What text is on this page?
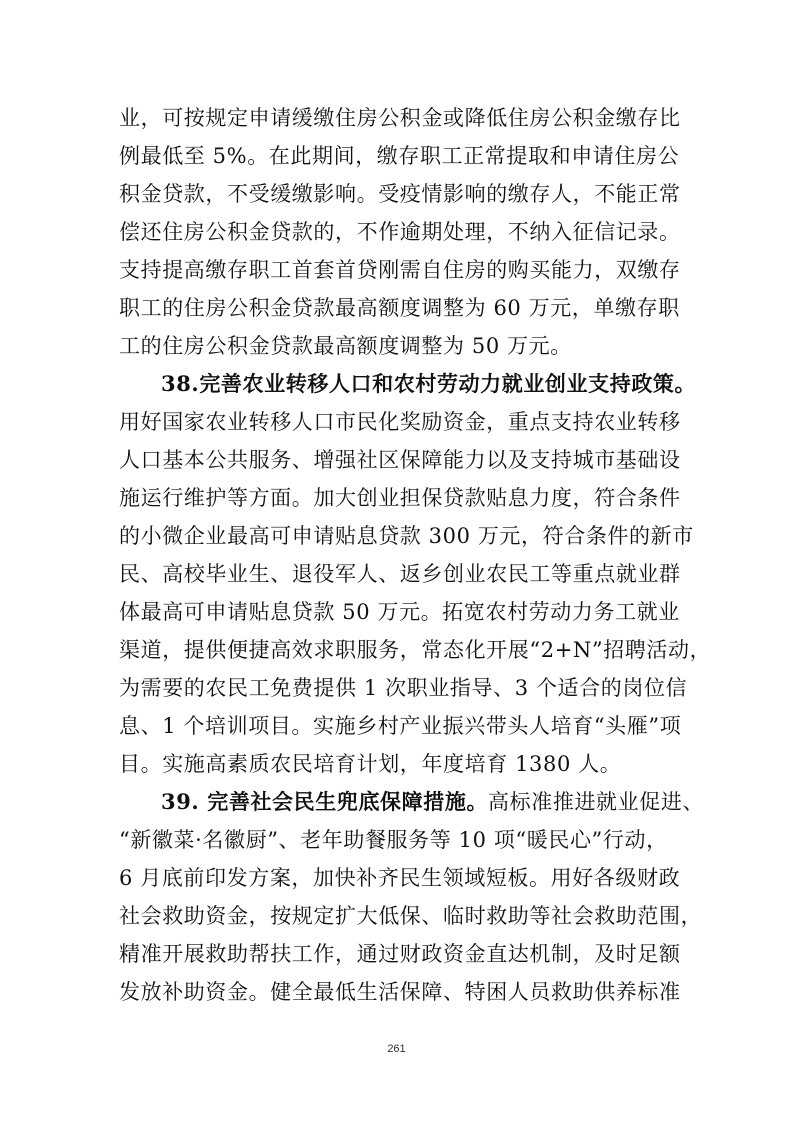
业，可按规定申请缓缴住房公积金或降低住房公积金缴存比
例最低至 5%。在此期间，缴存职工正常提取和申请住房公
积金贷款，不受缓缴影响。受疫情影响的缴存人，不能正常
偿还住房公积金贷款的，不作逾期处理，不纳入征信记录。
支持提高缴存职工首套首贷刚需自住房的购买能力，双缴存
职工的住房公积金贷款最高额度调整为 60 万元，单缴存职
工的住房公积金贷款最高额度调整为 50 万元。
38.完善农业转移人口和农村劳动力就业创业支持政策。
用好国家农业转移人口市民化奖励资金，重点支持农业转移
人口基本公共服务、增强社区保障能力以及支持城市基础设
施运行维护等方面。加大创业担保贷款贴息力度，符合条件
的小微企业最高可申请贴息贷款 300 万元，符合条件的新市
民、高校毕业生、退役军人、返乡创业农民工等重点就业群
体最高可申请贴息贷款 50 万元。拓宽农村劳动力务工就业
渠道，提供便捷高效求职服务，常态化开展“2+N”招聘活动，
为需要的农民工免费提供 1 次职业指导、3 个适合的岗位信
息、1 个培训项目。实施乡村产业振兴带头人培育“头雁”项
目。实施高素质农民培育计划，年度培育 1380 人。
39. 完善社会民生兜底保障措施。高标准推进就业促进、
“新徽菜·名徽厨”、老年助餐服务等 10 项“暖民心”行动，
6 月底前印发方案，加快补齐民生领域短板。用好各级财政
社会救助资金，按规定扩大低保、临时救助等社会救助范围，
精准开展救助帮扶工作，通过财政资金直达机制，及时足额
发放补助资金。健全最低生活保障、特困人员救助供养标准
261
